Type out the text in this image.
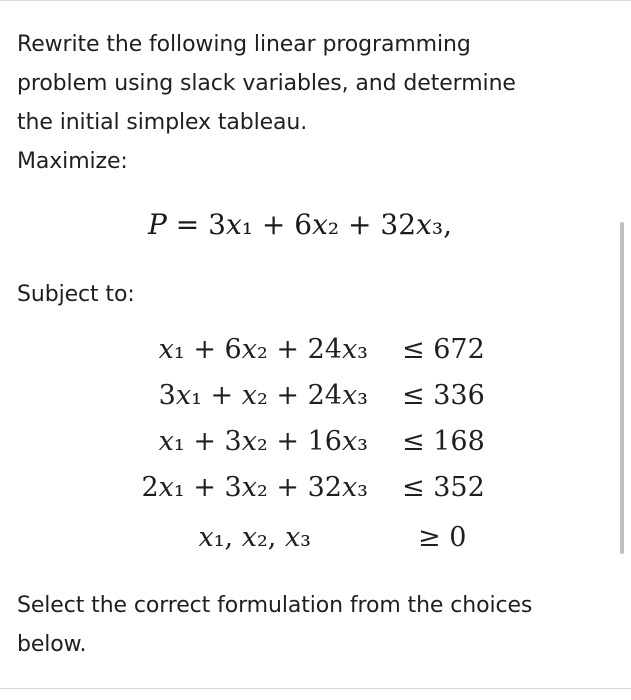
Rewrite the following linear programming
problem using slack variables, and determine
the initial simplex tableau.
Maximize:
P = 3x₁ + 6x₂ + 32x₃,
Subject to:
x₁ + 6x₂ + 24x₃ ≤ 672
3x₁ + x₂ + 24x₃ ≤ 336
x₁ + 3x₂ + 16x₃ ≤ 168
2x₁ + 3x₂ + 32x₃ ≤ 352
x₁, x₂, x₃	≥ 0
Select the correct formulation from the choices
below.
